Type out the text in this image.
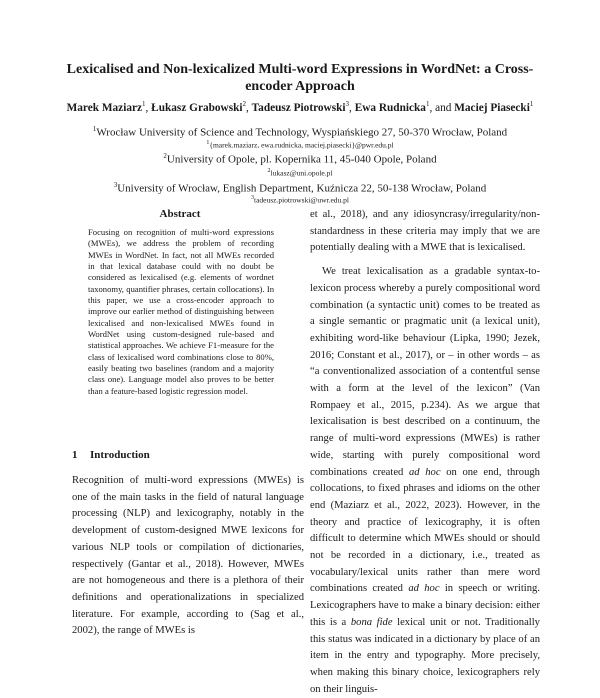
Lexicalised and Non-lexicalized Multi-word Expressions in WordNet: a Cross-encoder Approach
Marek Maziarz$^1$, Łukasz Grabowski$^2$, Tadeusz Piotrowski$^3$, Ewa Rudnicka$^1$, and Maciej Piasecki$^1$
$^1$Wrocław University of Science and Technology, Wyspiańskiego 27, 50-370 Wrocław, Poland
$^1${marek.maziarz, ewa.rudnicka, maciej.piasecki}@pwr.edu.pl
$^2$University of Opole, pl. Kopernika 11, 45-040 Opole, Poland
$^2$lukasz@uni.opole.pl
$^3$University of Wrocław, English Department, Kuźnicza 22, 50-138 Wrocław, Poland
$^3$tadeusz.piotrowski@uwr.edu.pl
Abstract
Focusing on recognition of multi-word expressions (MWEs), we address the problem of recording MWEs in WordNet. In fact, not all MWEs recorded in that lexical database could with no doubt be considered as lexicalised (e.g. elements of wordnet taxonomy, quantifier phrases, certain collocations). In this paper, we use a cross-encoder approach to improve our earlier method of distinguishing between lexicalised and non-lexicalised MWEs found in WordNet using custom-designed rule-based and statistical approaches. We achieve F1-measure for the class of lexicalised word combinations close to 80%, easily beating two baselines (random and a majority class one). Language model also proves to be better than a feature-based logistic regression model.
1 Introduction

Recognition of multi-word expressions (MWEs) is one of the main tasks in the field of natural language processing (NLP) and lexicography, notably in the development of custom-designed MWE lexicons for various NLP tools or compilation of dictionaries, respectively (Gantar et al., 2018). However, MWEs are not homogeneous and there is a plethora of their definitions and operationalizations in specialized literature. For example, according to (Sag et al., 2002), the range of MWEs is

et al., 2018), and any idiosyncrasy/irregularity/non-standardness in these criteria may imply that we are potentially dealing with a MWE that is lexicalised.

We treat lexicalisation as a gradable syntax-to-lexicon process whereby a purely compositional word combination (a syntactic unit) comes to be treated as a single semantic or pragmatic unit (a lexical unit), exhibiting word-like behaviour (Lipka, 1990; Jezek, 2016; Constant et al., 2017), or – in other words – as “a conventionalized association of a contentful sense with a form at the level of the lexicon” (Van Rompaey et al., 2015, p.234). As we argue that lexicalisation is best described on a continuum, the range of multi-word expressions (MWEs) is rather wide, starting with purely compositional word combinations created ad hoc on one end, through collocations, to fixed phrases and idioms on the other end (Maziarz et al., 2022, 2023). However, in the theory and practice of lexicography, it is often difficult to determine which MWEs should or should not be recorded in a dictionary, i.e., treated as vocabulary/lexical units rather than mere word combinations created ad hoc in speech or writing. Lexicographers have to make a binary decision: either this is a bona fide lexical unit or not. Traditionally this status was indicated in a dictionary by place of an item in the entry and typography. More precisely, when making this binary choice, lexicographers rely on their linguis-
